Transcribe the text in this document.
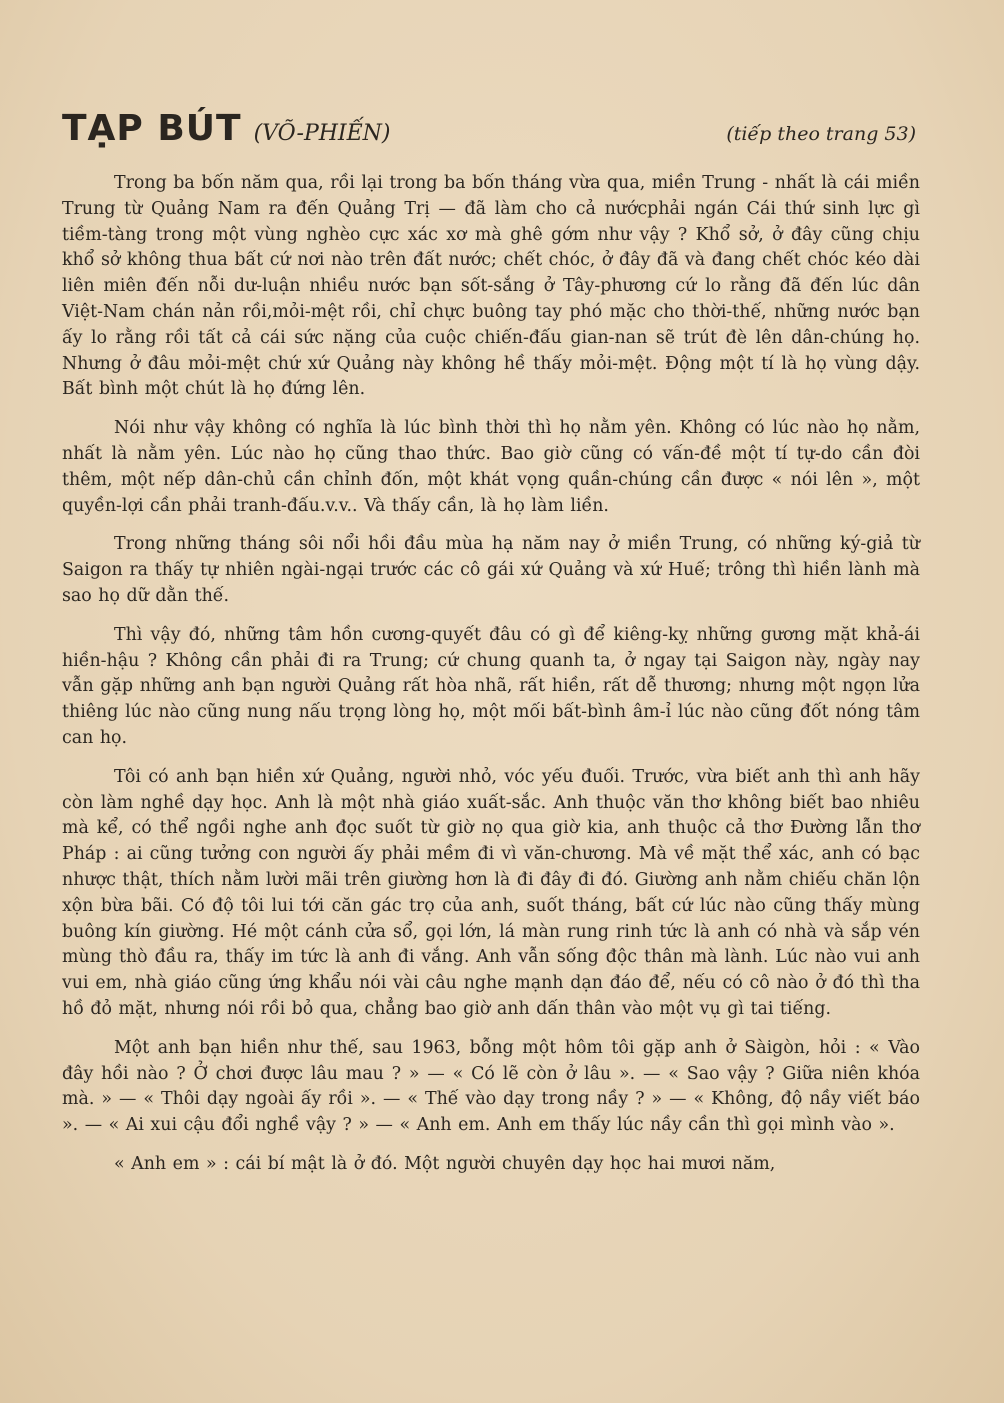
TẠP BÚT (VÕ-PHIẾN)	(tiếp theo trang 53)

Trong ba bốn năm qua, rồi lại trong ba bốn tháng vừa qua, miền Trung - nhất là cái miền Trung từ Quảng Nam ra đến Quảng Trị — đã làm cho cả nướcphải ngán Cái thứ sinh lực gì tiềm-tàng trong một vùng nghèo cực xác xơ mà ghê gớm như vậy ? Khổ sở, ở đây cũng chịu khổ sở không thua bất cứ nơi nào trên đất nước; chết chóc, ở đây đã và đang chết chóc kéo dài liên miên đến nỗi dư-luận nhiều nước bạn sốt-sắng ở Tây-phương cứ lo rằng đã đến lúc dân Việt-Nam chán nản rồi,mỏi-mệt rồi, chỉ chực buông tay phó mặc cho thời-thế, những nước bạn ấy lo rằng rồi tất cả cái sức nặng của cuộc chiến-đấu gian-nan sẽ trút đè lên dân-chúng họ. Nhưng ở đâu mỏi-mệt chứ xứ Quảng này không hề thấy mỏi-mệt. Động một tí là họ vùng dậy. Bất bình một chút là họ đứng lên.

Nói như vậy không có nghĩa là lúc bình thời thì họ nằm yên. Không có lúc nào họ nằm, nhất là nằm yên. Lúc nào họ cũng thao thức. Bao giờ cũng có vấn-đề một tí tự-do cần đòi thêm, một nếp dân-chủ cần chỉnh đốn, một khát vọng quần-chúng cần được « nói lên », một quyền-lợi cần phải tranh-đấu.v.v.. Và thấy cần, là họ làm liền.

Trong những tháng sôi nổi hồi đầu mùa hạ năm nay ở miền Trung, có những ký-giả từ Saigon ra thấy tự nhiên ngài-ngại trước các cô gái xứ Quảng và xứ Huế; trông thì hiền lành mà sao họ dữ dằn thế.

Thì vậy đó, những tâm hồn cương-quyết đâu có gì để kiêng-kỵ những gương mặt khả-ái hiền-hậu ? Không cần phải đi ra Trung; cứ chung quanh ta, ở ngay tại Saigon này, ngày nay vẫn gặp những anh bạn người Quảng rất hòa nhã, rất hiền, rất dễ thương; nhưng một ngọn lửa thiêng lúc nào cũng nung nấu trọng lòng họ, một mối bất-bình âm-ỉ lúc nào cũng đốt nóng tâm can họ.

Tôi có anh bạn hiền xứ Quảng, người nhỏ, vóc yếu đuối. Trước, vừa biết anh thì anh hãy còn làm nghề dạy học. Anh là một nhà giáo xuất-sắc. Anh thuộc văn thơ không biết bao nhiêu mà kể, có thể ngồi nghe anh đọc suốt từ giờ nọ qua giờ kia, anh thuộc cả thơ Đường lẫn thơ Pháp : ai cũng tưởng con người ấy phải mềm đi vì văn-chương. Mà về mặt thể xác, anh có bạc nhược thật, thích nằm lười mãi trên giường hơn là đi đây đi đó. Giường anh nằm chiếu chăn lộn xộn bừa bãi. Có độ tôi lui tới căn gác trọ của anh, suốt tháng, bất cứ lúc nào cũng thấy mùng buông kín giường. Hé một cánh cửa sổ, gọi lớn, lá màn rung rinh tức là anh có nhà và sắp vén mùng thò đầu ra, thấy im tức là anh đi vắng. Anh vẫn sống độc thân mà lành. Lúc nào vui anh vui em, nhà giáo cũng ứng khẩu nói vài câu nghe mạnh dạn đáo để, nếu có cô nào ở đó thì tha hồ đỏ mặt, nhưng nói rồi bỏ qua, chẳng bao giờ anh dấn thân vào một vụ gì tai tiếng.

Một anh bạn hiền như thế, sau 1963, bỗng một hôm tôi gặp anh ở Sàigòn, hỏi : « Vào đây hồi nào ? Ở chơi được lâu mau ? » — « Có lẽ còn ở lâu ». — « Sao vậy ? Giữa niên khóa mà. » — « Thôi dạy ngoài ấy rồi ». — « Thế vào dạy trong nầy ? » — « Không, độ nầy viết báo ». — « Ai xui cậu đổi nghề vậy ? » — « Anh em. Anh em thấy lúc nầy cần thì gọi mình vào ».

« Anh em » : cái bí mật là ở đó. Một người chuyên dạy học hai mươi năm,
